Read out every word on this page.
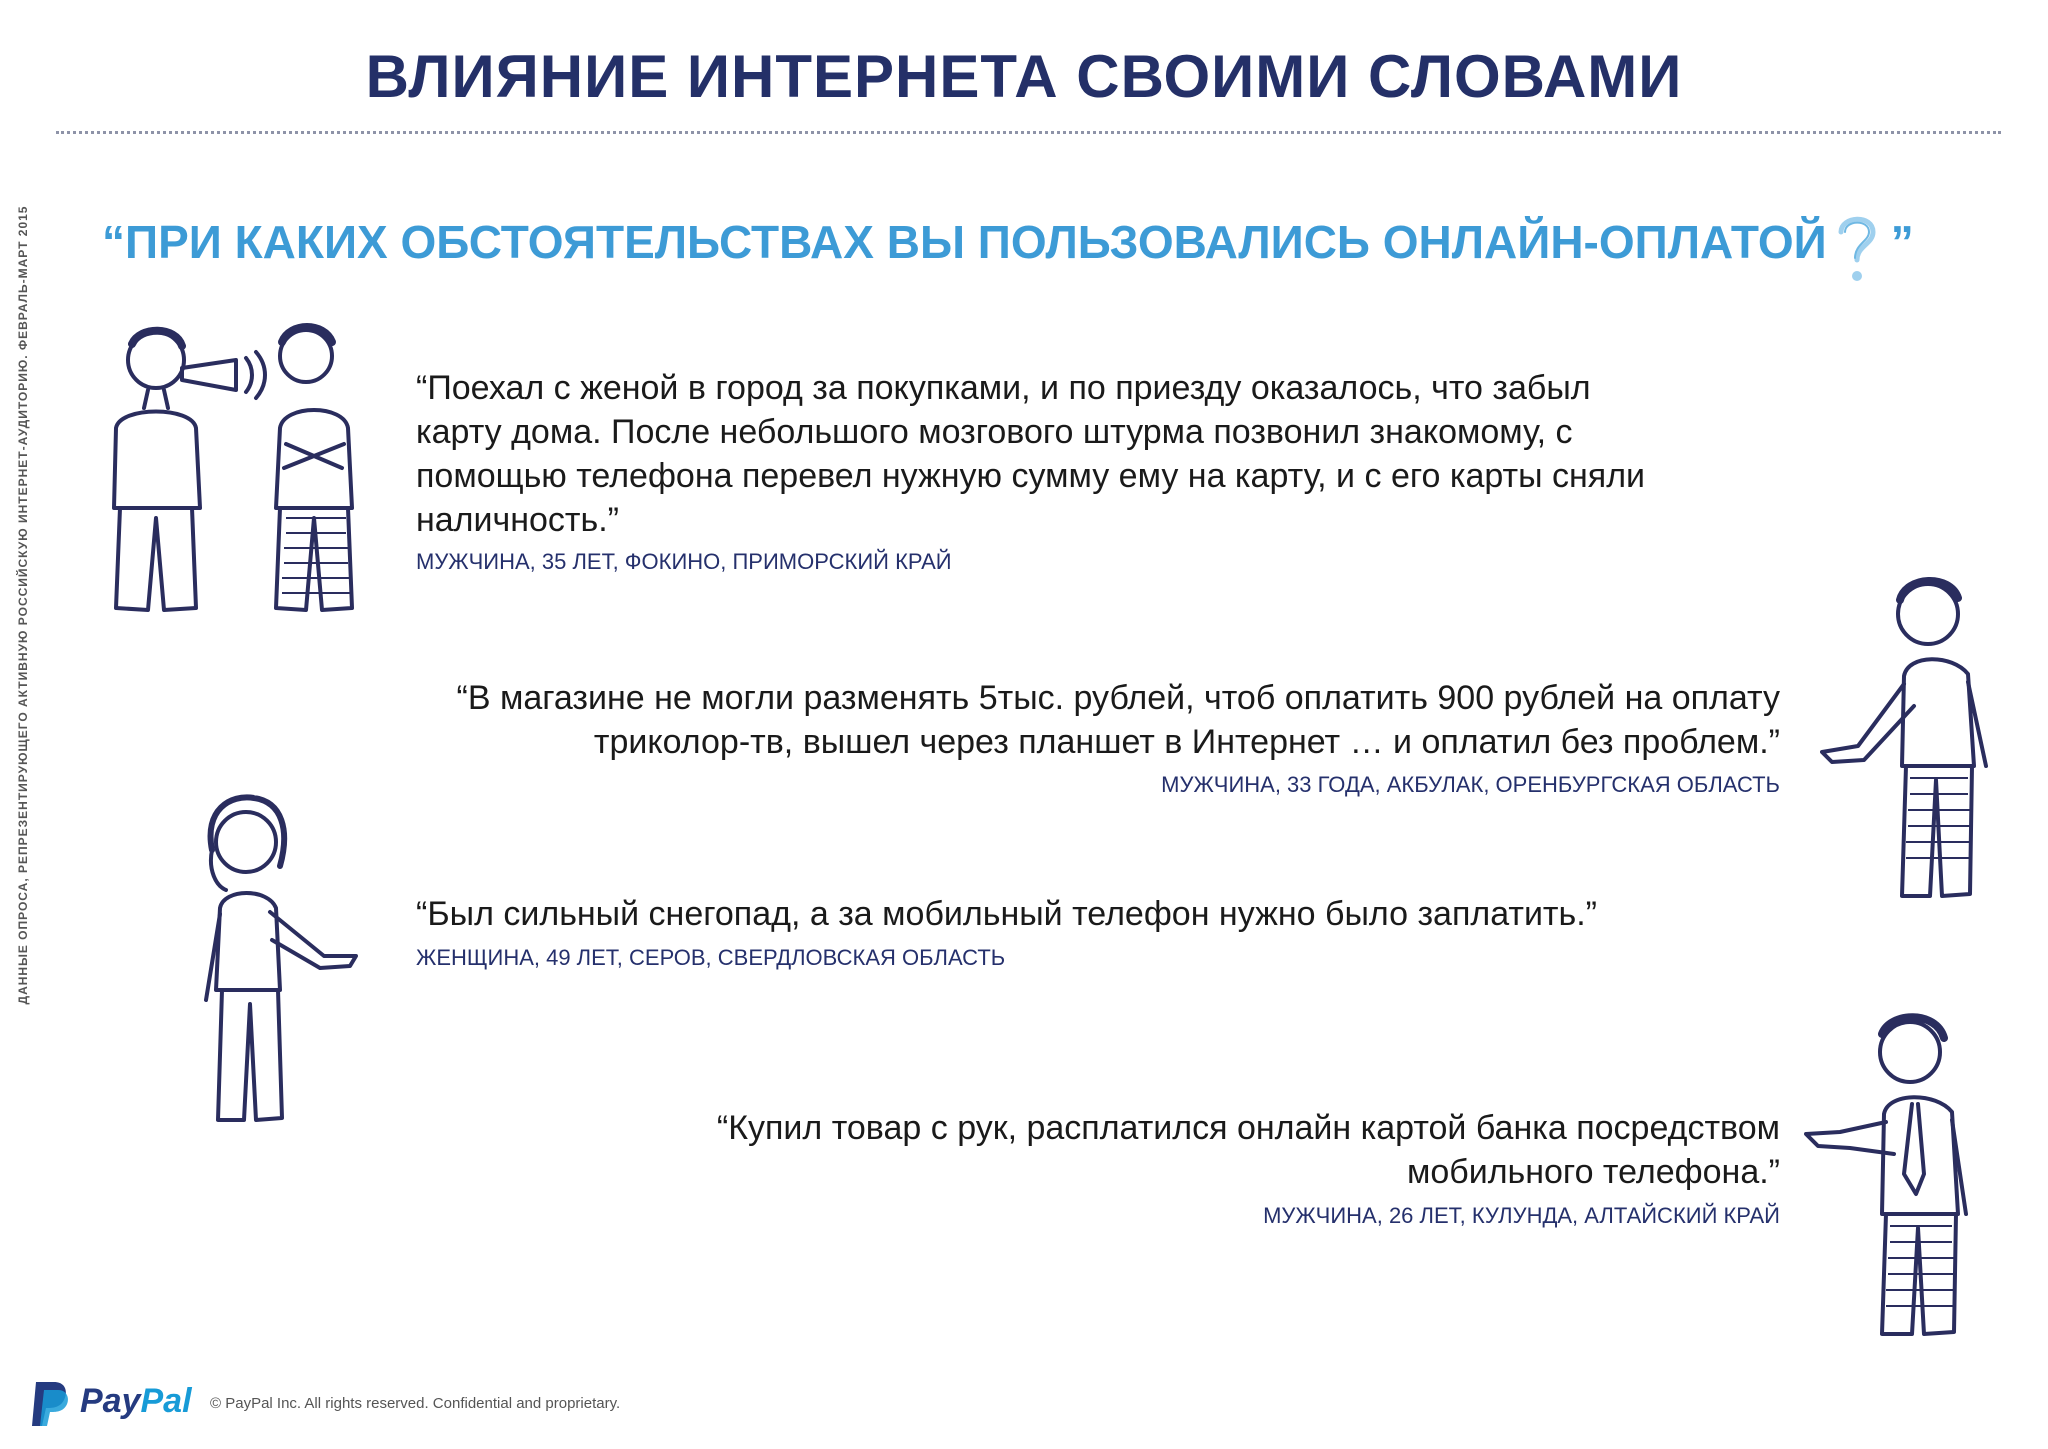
ВЛИЯНИЕ ИНТЕРНЕТА СВОИМИ СЛОВАМИ
ДАННЫЕ ОПРОСА, РЕПРЕЗЕНТИРУЮЩЕГО АКТИВНУЮ РОССИЙСКУЮ ИНТЕРНЕТ-АУДИТОРИЮ. ФЕВРАЛЬ-МАРТ 2015 “ПРИ КАКИХ ОБСТОЯТЕЛЬСТВАХ ВЫ ПОЛЬЗОВАЛИСЬ ОНЛАЙН-ОПЛАТОЙ ”
“Поехал с женой в город за покупками, и по приезду оказалось, что забыл
карту дома. После небольшого мозгового штурма позвонил знакомому, с
помощью телефона перевел нужную сумму ему на карту, и с его карты сняли
наличность.”
МУЖЧИНА, 35 ЛЕТ, ФОКИНО, ПРИМОРСКИЙ КРАЙ
“В магазине не могли разменять 5тыс. рублей, чтоб оплатить 900 рублей на оплату
триколор-тв, вышел через планшет в Интернет … и оплатил без проблем.”
МУЖЧИНА, 33 ГОДА, АКБУЛАК, ОРЕНБУРГСКАЯ ОБЛАСТЬ
“Был сильный снегопад, а за мобильный телефон нужно было заплатить.”
ЖЕНЩИНА, 49 ЛЕТ, СЕРОВ, СВЕРДЛОВСКАЯ ОБЛАСТЬ
“Купил товар с рук, расплатился онлайн картой банка посредством
мобильного телефона.”
МУЖЧИНА, 26 ЛЕТ, КУЛУНДА, АЛТАЙСКИЙ КРАЙ
PayPal © PayPal Inc. All rights reserved. Confidential and proprietary.
